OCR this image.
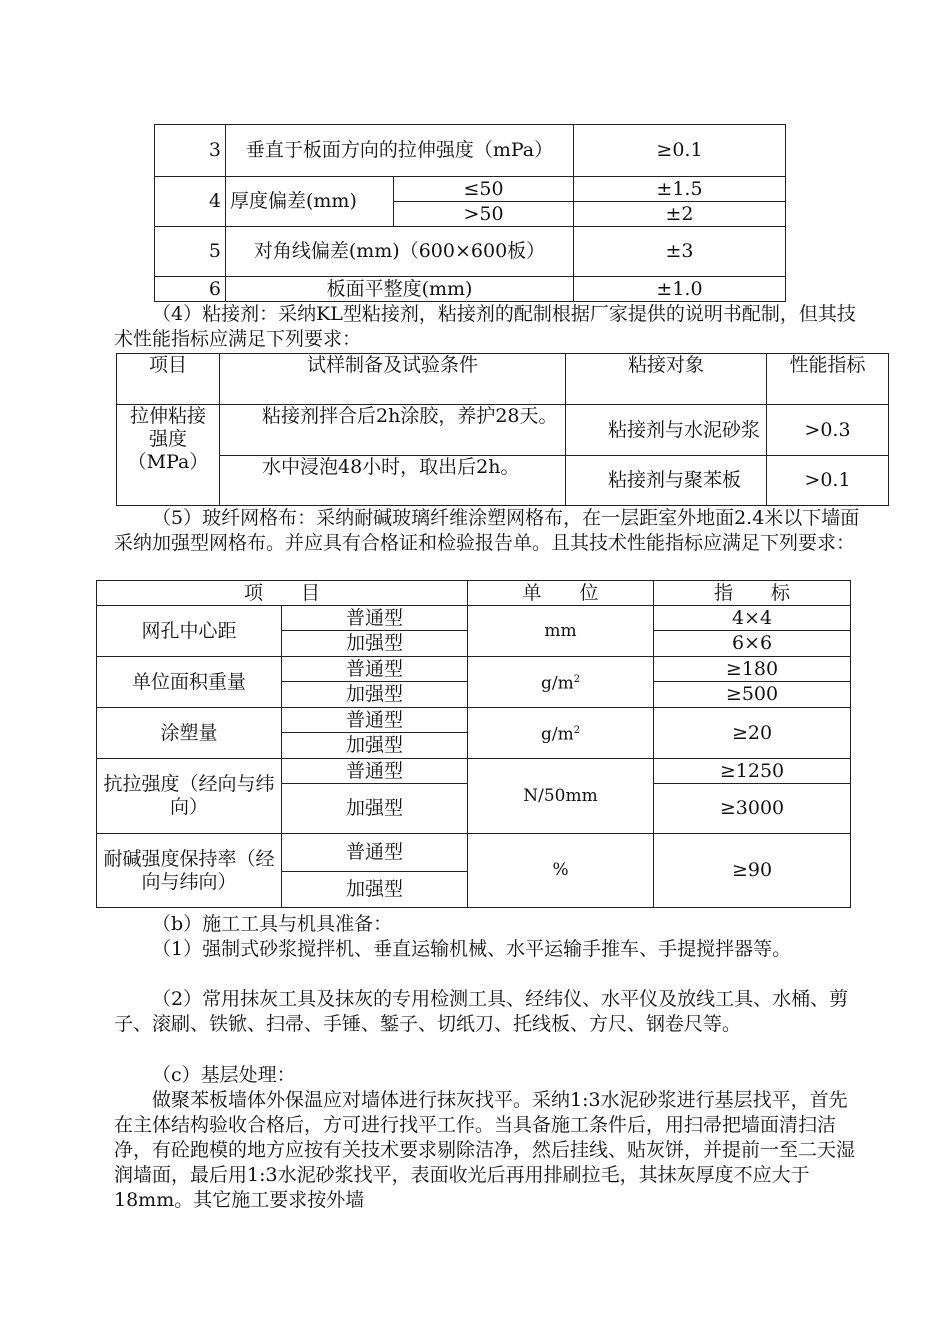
3	垂直于板面方向的拉伸强度（mPa）		≥0.1
4	厚度偏差(mm)	≤50	±1.5
		>50	±2
5	对角线偏差(mm)（600×600板）		±3
6	板面平整度(mm)		±1.0

（4）粘接剂：采纳KL型粘接剂，粘接剂的配制根据厂家提供的说明书配制，但其技术性能指标应满足下列要求：

项目	试样制备及试验条件	粘接对象	性能指标
拉伸粘接强度（MPa）	粘接剂拌合后2h涂胶，养护28天。	粘接剂与水泥砂浆	>0.3
	水中浸泡48小时，取出后2h。	粘接剂与聚苯板	>0.1

（5）玻纤网格布：采纳耐碱玻璃纤维涂塑网格布，在一层距室外地面2.4米以下墙面采纳加强型网格布。并应具有合格证和检验报告单。且其技术性能指标应满足下列要求：

项　　目		单　　位	指　　标
网孔中心距	普通型	mm	4×4
	加强型		6×6
单位面积重量	普通型	$g/m^2$	≥180
	加强型		≥500
涂塑量	普通型	$g/m^2$	≥20
	加强型		
抗拉强度（经向与纬向）	普通型	N/50mm	≥1250
	加强型		≥3000
耐碱强度保持率（经向与纬向）	普通型	%	≥90
	加强型		

（b）施工工具与机具准备：

（1）强制式砂浆搅拌机、垂直运输机械、水平运输手推车、手提搅拌器等。

（2）常用抹灰工具及抹灰的专用检测工具、经纬仪、水平仪及放线工具、水桶、剪子、滚刷、铁锨、扫帚、手锤、錾子、切纸刀、托线板、方尺、钢卷尺等。

（c）基层处理：

做聚苯板墙体外保温应对墙体进行抹灰找平。采纳1:3水泥砂浆进行基层找平，首先在主体结构验收合格后，方可进行找平工作。当具备施工条件后，用扫帚把墙面清扫洁净，有砼跑模的地方应按有关技术要求剔除洁净，然后挂线、贴灰饼，并提前一至二天湿润墙面，最后用1:3水泥砂浆找平，表面收光后再用排刷拉毛，其抹灰厚度不应大于18mm。其它施工要求按外墙
